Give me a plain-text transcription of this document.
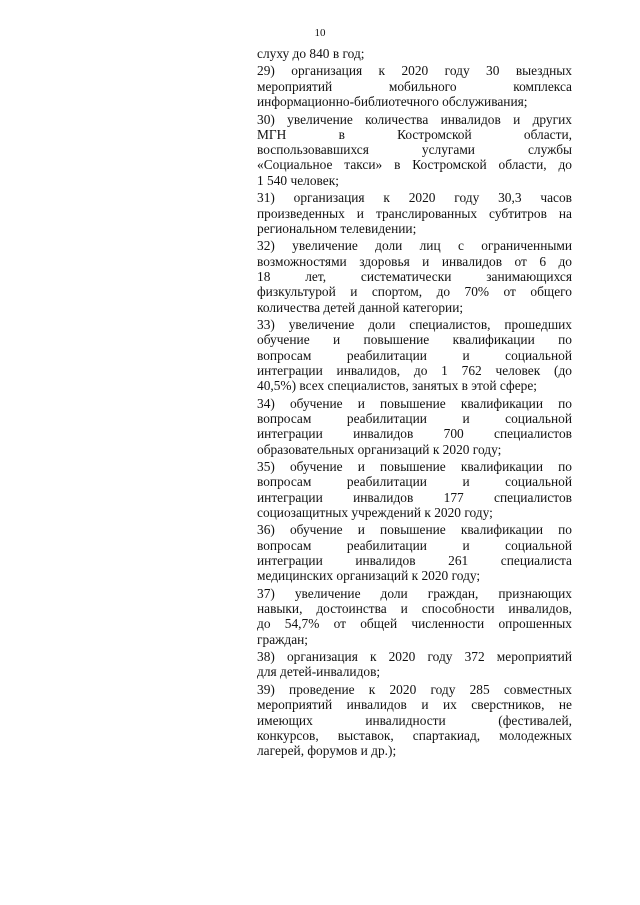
10
слуху до 840 в год;
29) организация к 2020 году 30 выездных
мероприятий мобильного комплекса
информационно-библиотечного обслуживания;
30) увеличение количества инвалидов и других
МГН в Костромской области,
воспользовавшихся услугами службы
«Социальное такси» в Костромской области, до
1 540 человек;
31) организация к 2020 году 30,3 часов
произведенных и транслированных субтитров на
региональном телевидении;
32) увеличение доли лиц с ограниченными
возможностями здоровья и инвалидов от 6 до
18 лет, систематически занимающихся
физкультурой и спортом, до 70% от общего
количества детей данной категории;
33) увеличение доли специалистов, прошедших
обучение и повышение квалификации по
вопросам реабилитации и социальной
интеграции инвалидов, до 1 762 человек (до
40,5%) всех специалистов, занятых в этой сфере;
34) обучение и повышение квалификации по
вопросам реабилитации и социальной
интеграции инвалидов 700 специалистов
образовательных организаций к 2020 году;
35) обучение и повышение квалификации по
вопросам реабилитации и социальной
интеграции инвалидов 177 специалистов
социозащитных учреждений к 2020 году;
36) обучение и повышение квалификации по
вопросам реабилитации и социальной
интеграции инвалидов 261 специалиста
медицинских организаций к 2020 году;
37) увеличение доли граждан, признающих
навыки, достоинства и способности инвалидов,
до 54,7% от общей численности опрошенных
граждан;
38) организация к 2020 году 372 мероприятий
для детей-инвалидов;
39) проведение к 2020 году 285 совместных
мероприятий инвалидов и их сверстников, не
имеющих инвалидности (фестивалей,
конкурсов, выставок, спартакиад, молодежных
лагерей, форумов и др.);
